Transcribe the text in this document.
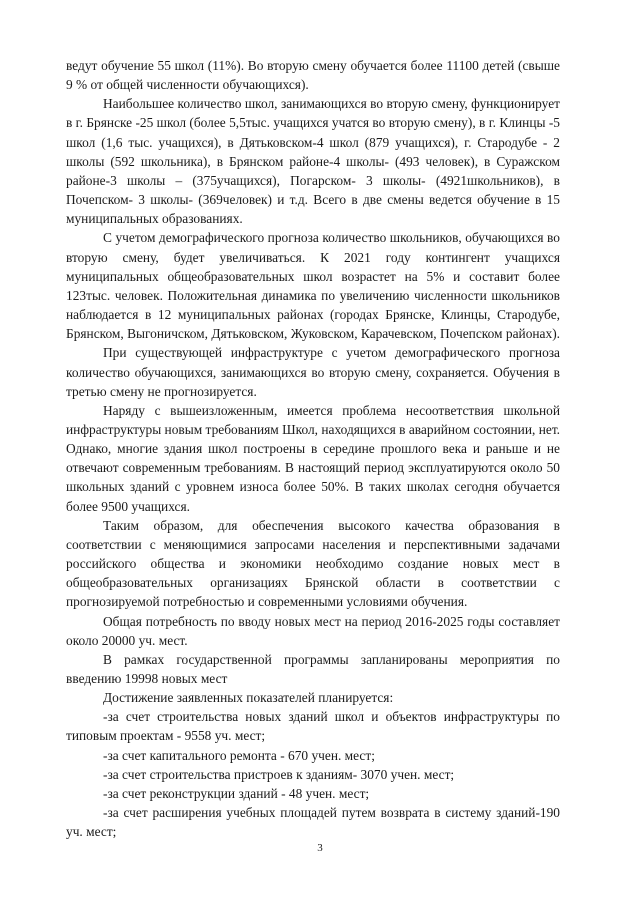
ведут обучение 55 школ (11%). Во вторую смену обучается более 11100 детей (свыше 9 % от общей численности обучающихся).

Наибольшее количество школ, занимающихся во вторую смену, функционирует в г. Брянске -25 школ (более 5,5тыс. учащихся учатся во вторую смену), в г. Клинцы -5 школ (1,6 тыс. учащихся), в Дятьковском-4 школ (879 учащихся), г. Стародубе - 2 школы (592 школьника), в Брянском районе-4 школы- (493 человек), в Суражском районе-3 школы – (375учащихся), Погарском- 3 школы- (4921школьников), в Почепском- 3 школы- (369человек) и т.д. Всего в две смены ведется обучение в 15 муниципальных образованиях.

С учетом демографического прогноза количество школьников, обучающихся во вторую смену, будет увеличиваться. К 2021 году контингент учащихся муниципальных общеобразовательных школ возрастет на 5% и составит более 123тыс. человек. Положительная динамика по увеличению численности школьников наблюдается в 12 муниципальных районах (городах Брянске, Клинцы, Стародубе, Брянском, Выгоничском, Дятьковском, Жуковском, Карачевском, Почепском районах).

При существующей инфраструктуре с учетом демографического прогноза количество обучающихся, занимающихся во вторую смену, сохраняется. Обучения в третью смену не прогнозируется.

Наряду с вышеизложенным, имеется проблема несоответствия школьной инфраструктуры новым требованиям Школ, находящихся в аварийном состоянии, нет. Однако, многие здания школ построены в середине прошлого века и раньше и не отвечают современным требованиям. В настоящий период эксплуатируются около 50 школьных зданий с уровнем износа более 50%. В таких школах сегодня обучается более 9500 учащихся.

Таким образом, для обеспечения высокого качества образования в соответствии с меняющимися запросами населения и перспективными задачами российского общества и экономики необходимо создание новых мест в общеобразовательных организациях Брянской области в соответствии с прогнозируемой потребностью и современными условиями обучения.

Общая потребность по вводу новых мест на период 2016-2025 годы составляет около 20000 уч. мест.

В рамках государственной программы запланированы мероприятия по введению 19998 новых мест

Достижение заявленных показателей планируется:

-за счет строительства новых зданий школ и объектов инфраструктуры по типовым проектам - 9558 уч. мест;

-за счет капитального ремонта - 670 учен. мест;

-за счет строительства пристроев к зданиям- 3070 учен. мест;

-за счет реконструкции зданий - 48 учен. мест;

-за счет расширения учебных площадей путем возврата в систему зданий-190 уч. мест;

3
